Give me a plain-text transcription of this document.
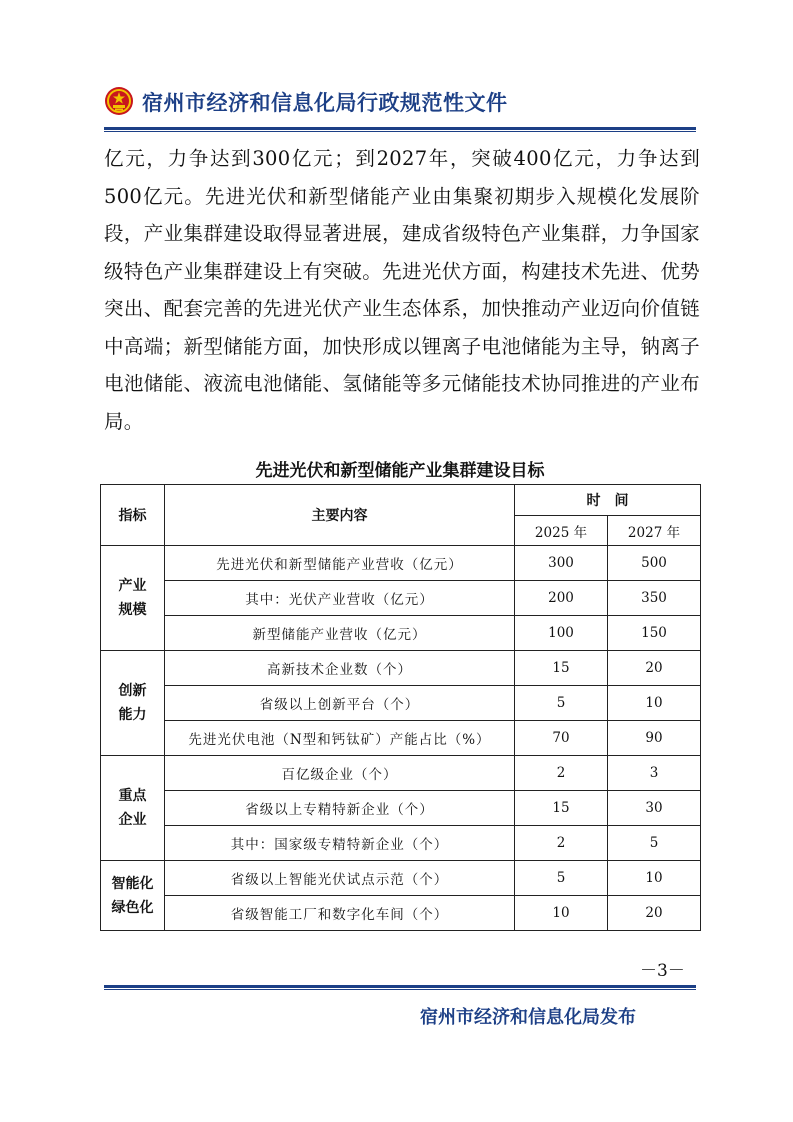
宿州市经济和信息化局行政规范性文件

亿元，力争达到300亿元；到2027年，突破400亿元，力争达到500亿元。先进光伏和新型储能产业由集聚初期步入规模化发展阶段，产业集群建设取得显著进展，建成省级特色产业集群，力争国家级特色产业集群建设上有突破。先进光伏方面，构建技术先进、优势突出、配套完善的先进光伏产业生态体系，加快推动产业迈向价值链中高端；新型储能方面，加快形成以锂离子电池储能为主导，钠离子电池储能、液流电池储能、氢储能等多元储能技术协同推进的产业布局。

先进光伏和新型储能产业集群建设目标
指标	主要内容	时　间	
		2025 年	2027 年

产业
规模	先进光伏和新型储能产业营收（亿元）	300	500
	其中：光伏产业营收（亿元）	200	350
	新型储能产业营收（亿元）	100	150

创新
能力	高新技术企业数（个）	15	20
	省级以上创新平台（个）	5	10
	先进光伏电池（N型和钙钛矿）产能占比（%）	70	90

重点
企业	百亿级企业（个）	2	3
	省级以上专精特新企业（个）	15	30
	其中：国家级专精特新企业（个）	2	5

智能化
绿色化	省级以上智能光伏试点示范（个）	5	10
	省级智能工厂和数字化车间（个）	10	20
－3－
宿州市经济和信息化局发布
